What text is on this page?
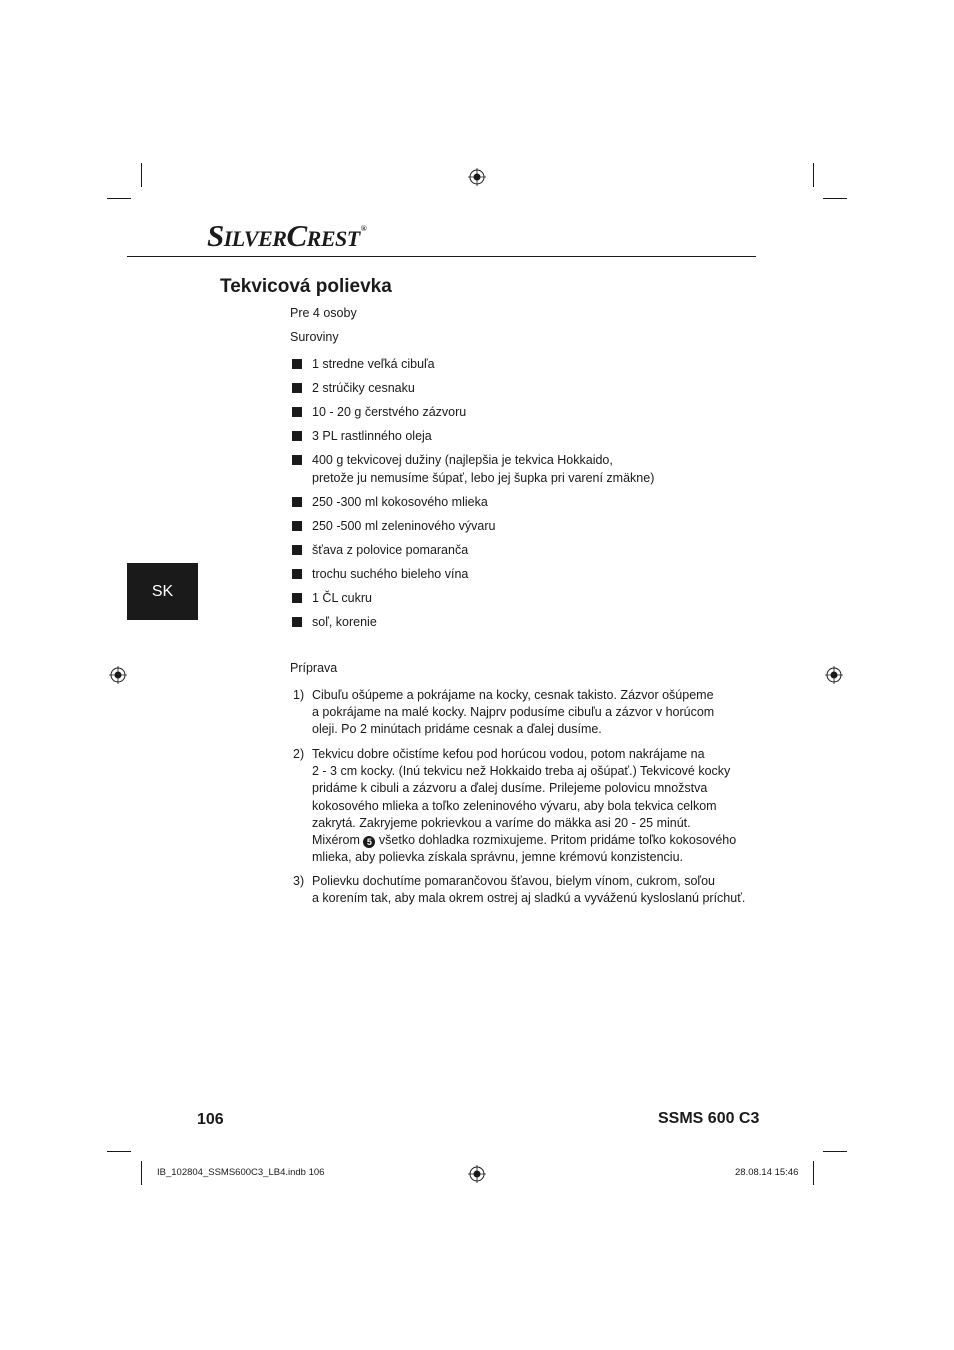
SILVERCREST®
Tekvicová polievka
Pre 4 osoby
Suroviny
1 stredne veľká cibuľa
2 strúčiky cesnaku
10 - 20 g čerstvého zázvoru
3 PL rastlinného oleja
400 g tekvicovej dužiny (najlepšia je tekvica Hokkaido,
pretože ju nemusíme šúpať, lebo jej šupka pri varení zmäkne)
250 -300 ml kokosového mlieka
250 -500 ml zeleninového vývaru
šťava z polovice pomaranča
trochu suchého bieleho vína
1 ČL cukru
soľ, korenie
SK
Príprava
1) Cibuľu ošúpeme a pokrájame na kocky, cesnak takisto. Zázvor ošúpeme
a pokrájame na malé kocky. Najprv podusíme cibuľu a zázvor v horúcom
oleji. Po 2 minútach pridáme cesnak a ďalej dusíme.
2) Tekvicu dobre očistíme kefou pod horúcou vodou, potom nakrájame na
2 - 3 cm kocky. (Inú tekvicu než Hokkaido treba aj ošúpať.) Tekvicové kocky
pridáme k cibuli a zázvoru a ďalej dusíme. Prilejeme polovicu množstva
kokosového mlieka a toľko zeleninového vývaru, aby bola tekvica celkom
zakrytá. Zakryjeme pokrievkou a varíme do mäkka asi 20 - 25 minút.
Mixérom 5 všetko dohladka rozmixujeme. Pritom pridáme toľko kokosového
mlieka, aby polievka získala správnu, jemne krémovú konzistenciu.
3) Polievku dochutíme pomarančovou šťavou, bielym vínom, cukrom, soľou
a korením tak, aby mala okrem ostrej aj sladkú a vyváženú kysloslanú príchuť.
106	SSMS 600 C3
IB_102804_SSMS600C3_LB4.indb 106	28.08.14 15:46
